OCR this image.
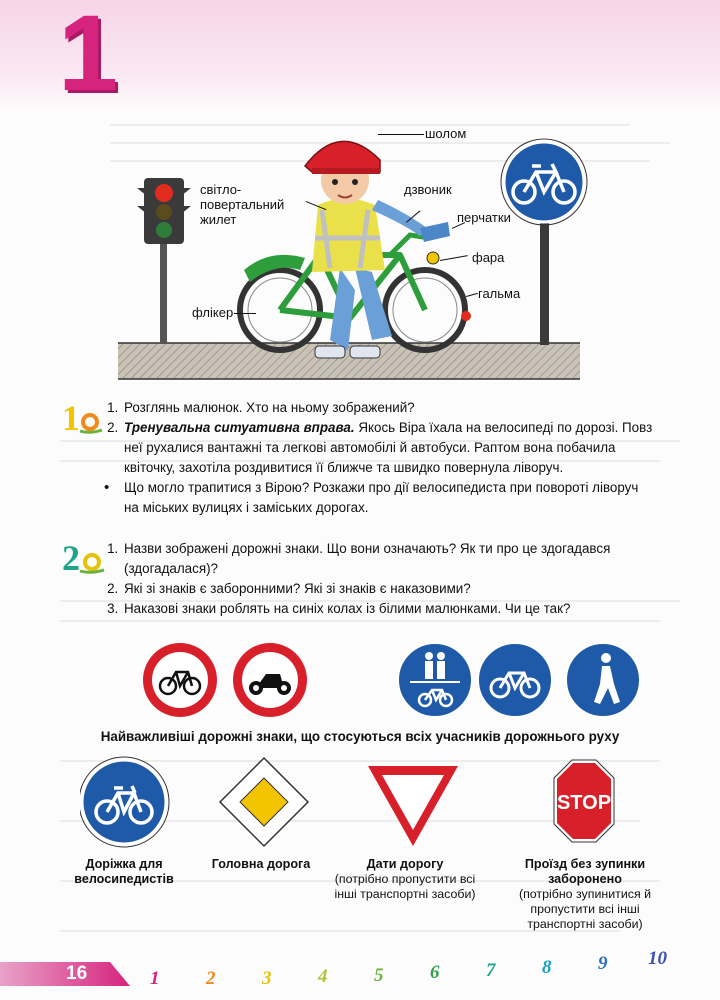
1
шолом
світло-
повертальний
жилет
дзвоник
перчатки
фара
гальма
флікер
1	1. Розглянь малюнок. Хто на ньому зображений?
2. Тренувальна ситуативна вправа. Якось Віра їхала на велосипеді по дорозі. Повз неї рухалися вантажні та легкові автомобілі й автобуси. Раптом вона побачила квіточку, захотіла роздивитися її ближче та швидко повернула ліворуч.
• Що могло трапитися з Вірою? Розкажи про дії велосипедиста при повороті ліворуч на міських вулицях і заміських дорогах.
2	1. Назви зображені дорожні знаки. Що вони означають? Як ти про це здогадався (здогадалася)?
2. Які зі знаків є заборонними? Які зі знаків є наказовими?
3. Наказові знаки роблять на синіх колах із білими малюнками. Чи це так?
Найважливіші дорожні знаки, що стосуються всіх учасників дорожнього руху
STOP
Доріжка для велосипедистів
Головна дорога	Дати дорогу
(потрібно пропустити всі інші транспортні засоби)
Проїзд без зупинки заборонено
(потрібно зупинитися й пропустити всі інші транспортні засоби)
16	1 2 3 4 5 6 7 8 9 10
